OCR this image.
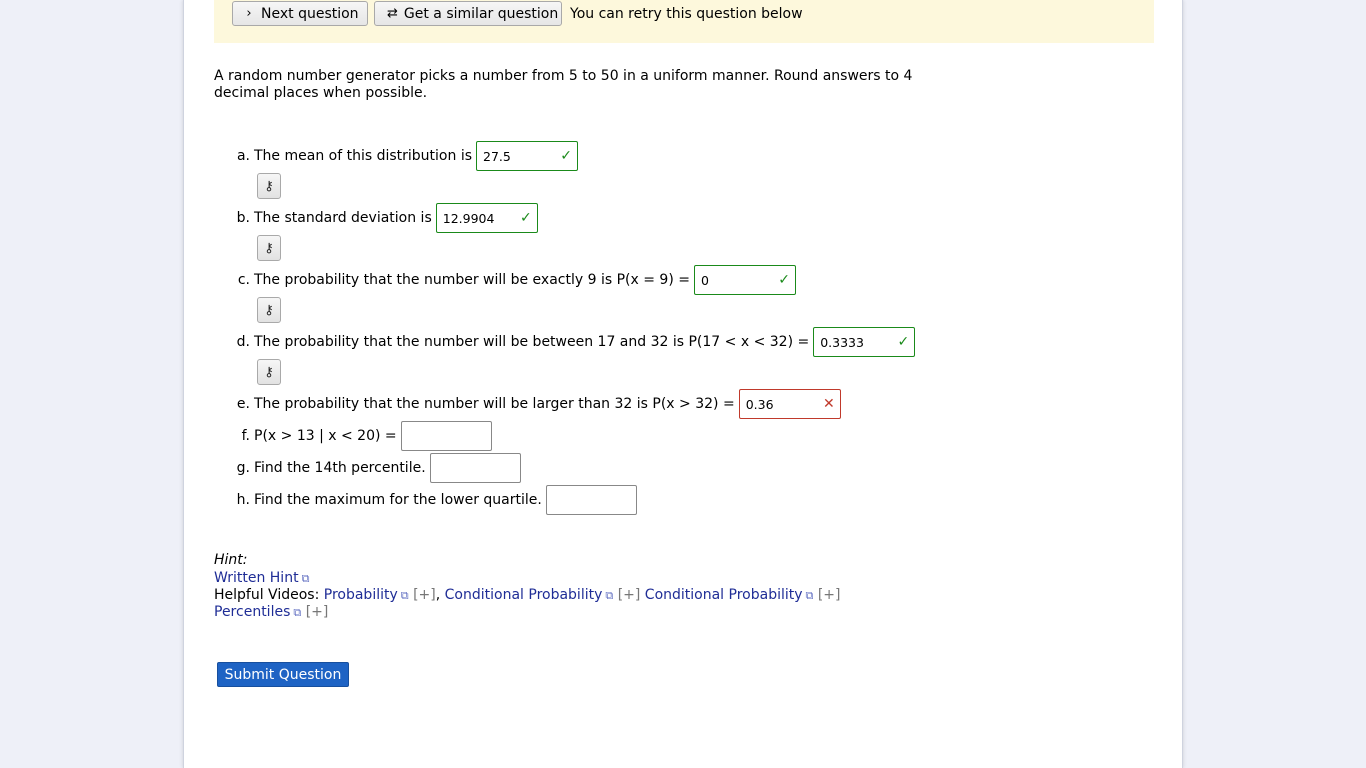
› Next question ⇄ Get a similar question You can retry this question below
A random number generator picks a number from 5 to 50 in a uniform manner. Round answers to 4 decimal places when possible.
a. The mean of this distribution is 27.5	✓
⚷
b. The standard deviation is 12.9904 ✓
⚷
c. The probability that the number will be exactly 9 is P(x = 9) = 0	✓
⚷
d. The probability that the number will be between 17 and 32 is P(17 < x < 32) = 0.3333 ✓
⚷
e. The probability that the number will be larger than 32 is P(x > 32) = 0.36	✕
f. P(x > 13 | x < 20) =
g. Find the 14th percentile.
h. Find the maximum for the lower quartile.
Hint:
Written Hint ⧉
Helpful Videos: Probability ⧉ [+], Conditional Probability ⧉ [+] Conditional Probability ⧉ [+] Percentiles ⧉ [+]
Submit Question
